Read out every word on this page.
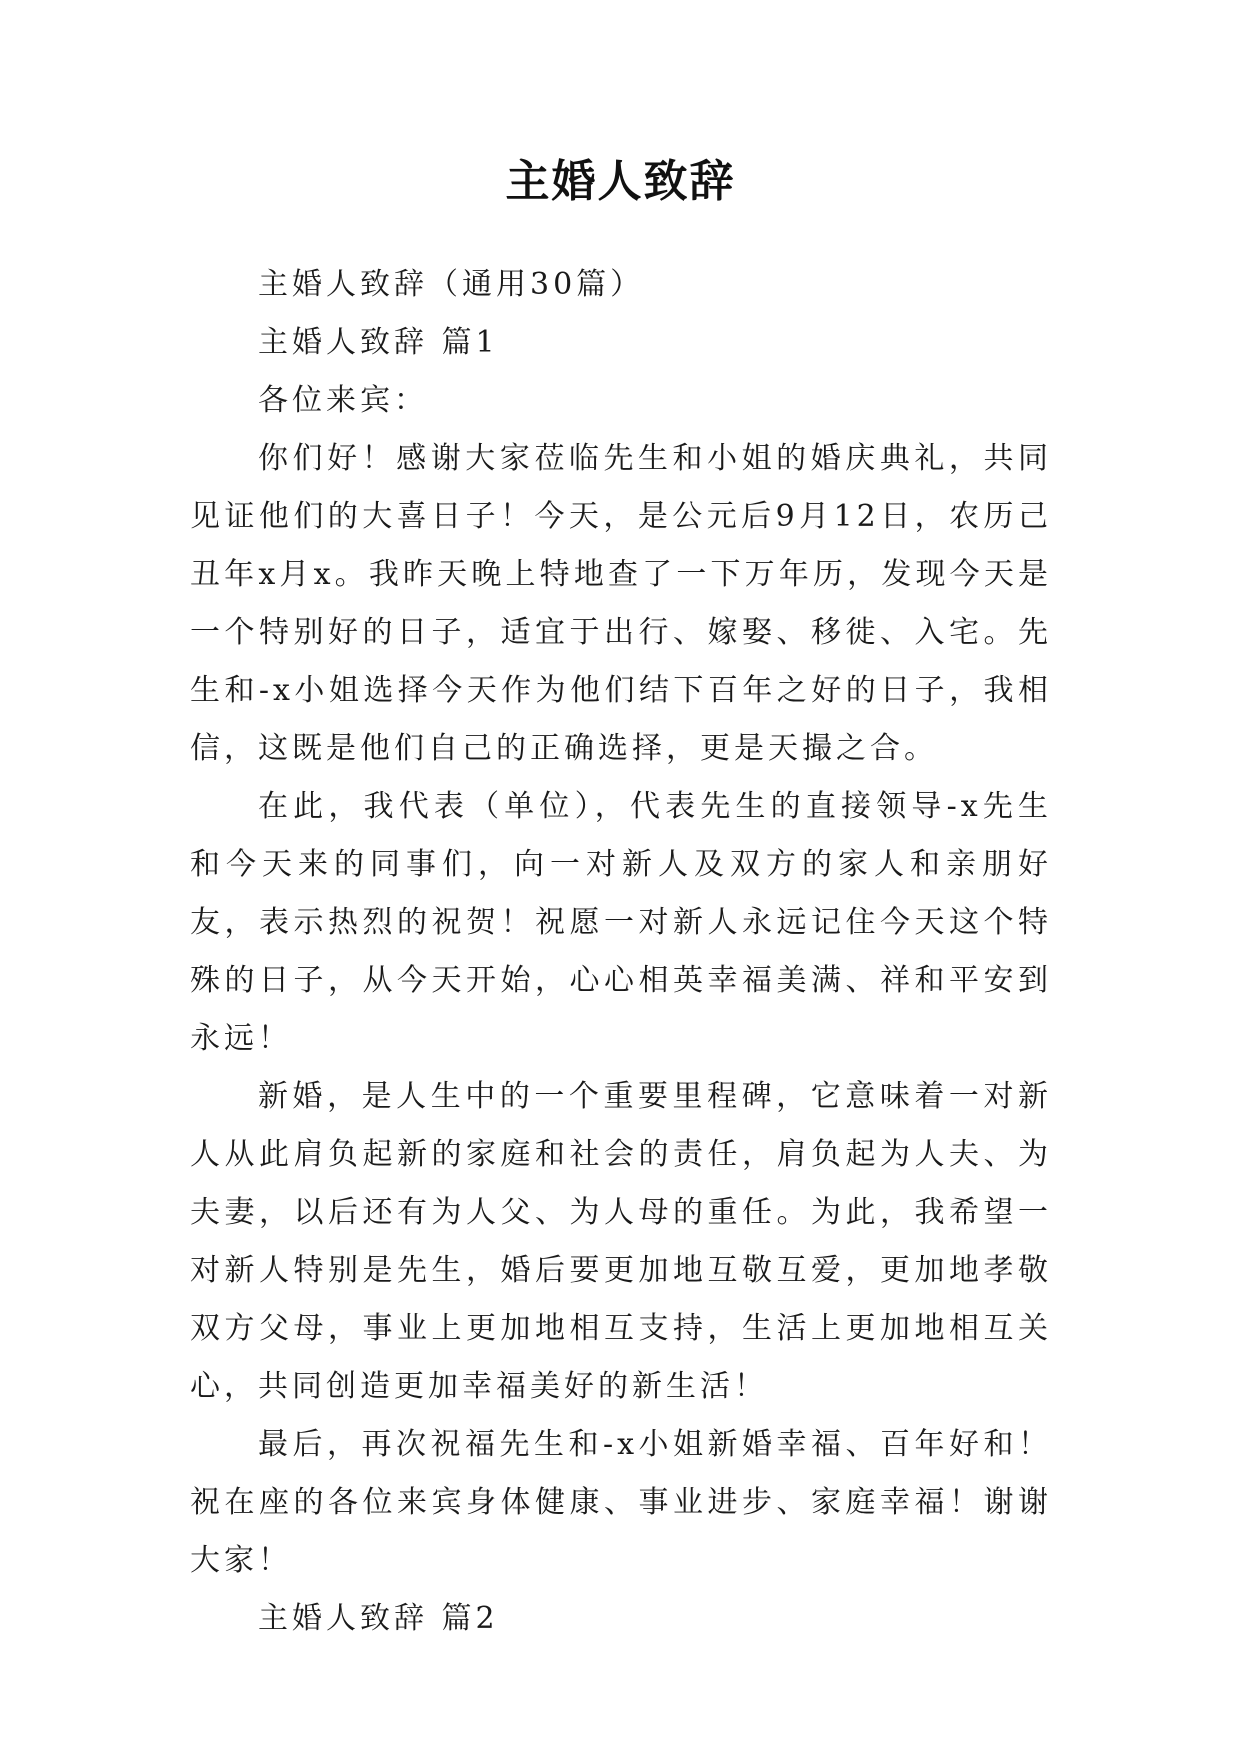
主婚人致辞

主婚人致辞（通用30篇）

主婚人致辞 篇1

各位来宾：

你们好！感谢大家莅临先生和小姐的婚庆典礼，共同见证他们的大喜日子！今天，是公元后9月12日，农历己丑年x月x。我昨天晚上特地查了一下万年历，发现今天是一个特别好的日子，适宜于出行、嫁娶、移徙、入宅。先生和-x小姐选择今天作为他们结下百年之好的日子，我相信，这既是他们自己的正确选择，更是天撮之合。

在此，我代表（单位），代表先生的直接领导-x先生和今天来的同事们，向一对新人及双方的家人和亲朋好友，表示热烈的祝贺！祝愿一对新人永远记住今天这个特殊的日子，从今天开始，心心相英幸福美满、祥和平安到永远！

新婚，是人生中的一个重要里程碑，它意味着一对新人从此肩负起新的家庭和社会的责任，肩负起为人夫、为夫妻，以后还有为人父、为人母的重任。为此，我希望一对新人特别是先生，婚后要更加地互敬互爱，更加地孝敬双方父母，事业上更加地相互支持，生活上更加地相互关心，共同创造更加幸福美好的新生活！

最后，再次祝福先生和-x小姐新婚幸福、百年好和！祝在座的各位来宾身体健康、事业进步、家庭幸福！谢谢大家！

主婚人致辞 篇2
